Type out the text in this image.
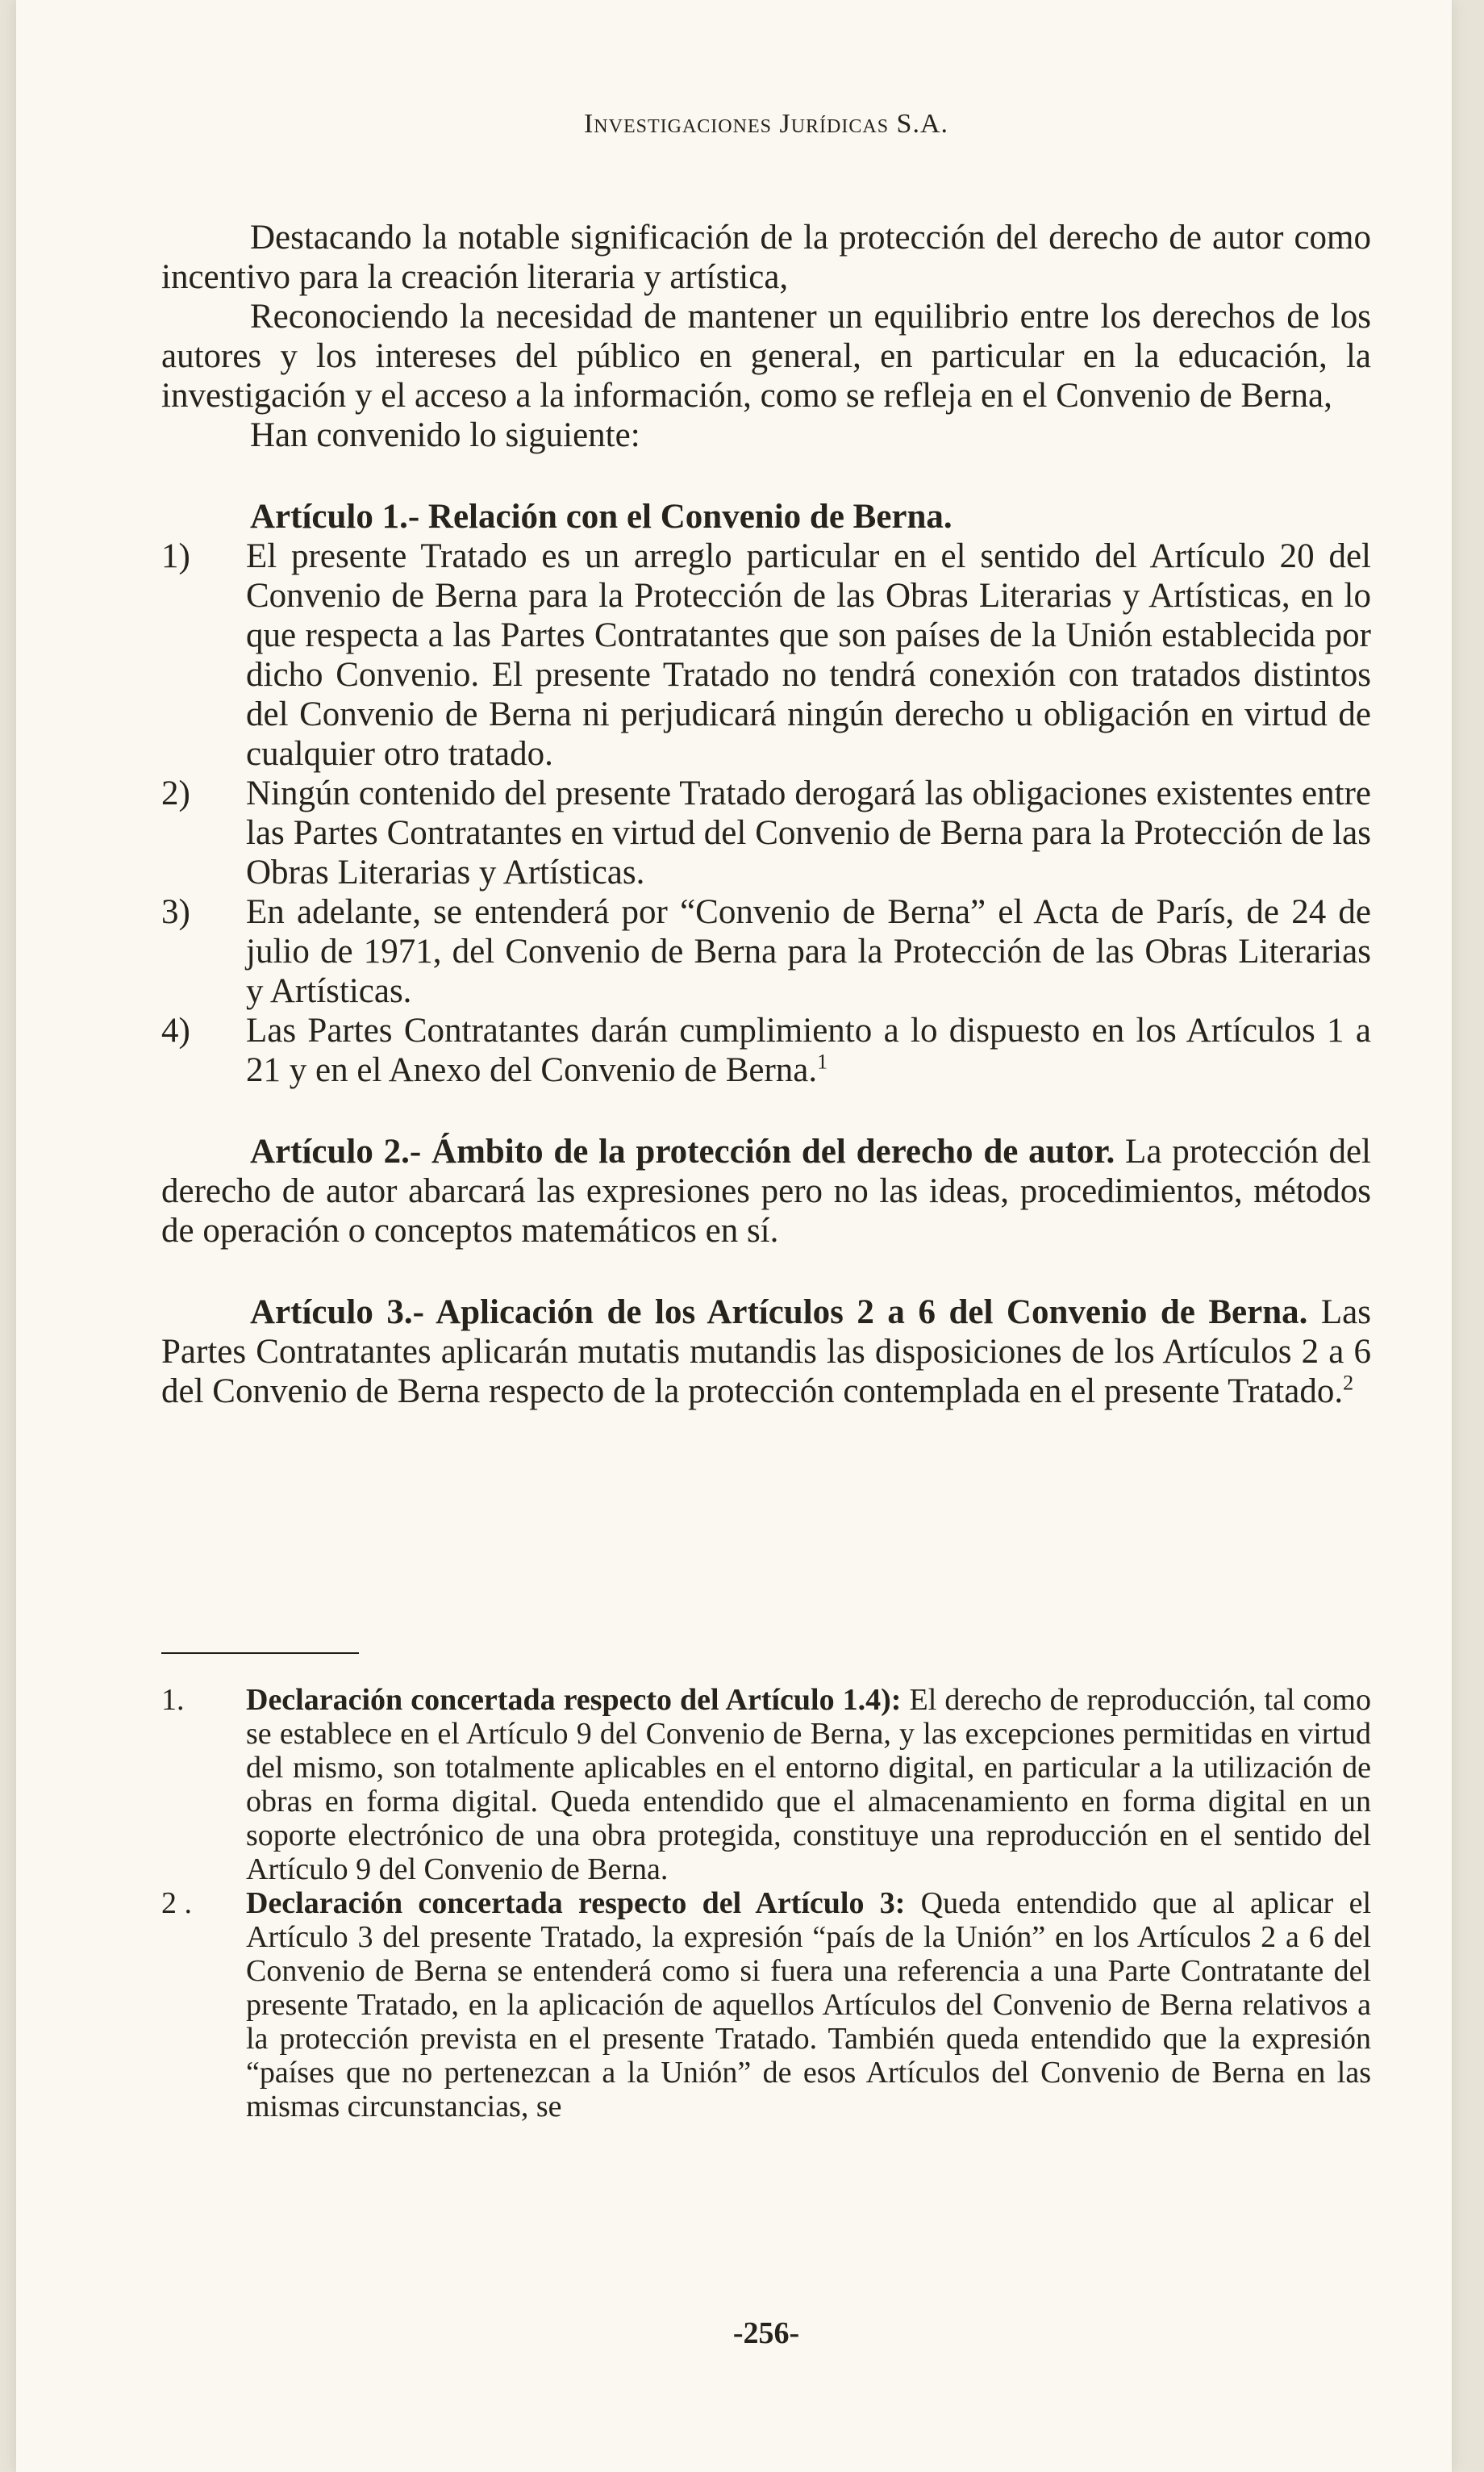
Investigaciones Jurídicas S.A.

Destacando la notable significación de la protección del derecho de autor como incentivo para la creación literaria y artística,

Reconociendo la necesidad de mantener un equilibrio entre los derechos de los autores y los intereses del público en general, en particular en la educación, la investigación y el acceso a la información, como se refleja en el Convenio de Berna,

Han convenido lo siguiente:

Artículo 1.- Relación con el Convenio de Berna.
1) El presente Tratado es un arreglo particular en el sentido del Artículo 20 del Convenio de Berna para la Protección de las Obras Literarias y Artísticas, en lo que respecta a las Partes Contratantes que son países de la Unión establecida por dicho Convenio. El presente Tratado no tendrá conexión con tratados distintos del Convenio de Berna ni perjudicará ningún derecho u obligación en virtud de cualquier otro tratado.
2) Ningún contenido del presente Tratado derogará las obligaciones existentes entre las Partes Contratantes en virtud del Convenio de Berna para la Protección de las Obras Literarias y Artísticas.
3) En adelante, se entenderá por “Convenio de Berna” el Acta de París, de 24 de julio de 1971, del Convenio de Berna para la Protección de las Obras Literarias y Artísticas.
4) Las Partes Contratantes darán cumplimiento a lo dispuesto en los Artículos 1 a 21 y en el Anexo del Convenio de Berna.$^1$

Artículo 2.- Ámbito de la protección del derecho de autor. La protección del derecho de autor abarcará las expresiones pero no las ideas, procedimientos, métodos de operación o conceptos matemáticos en sí.

Artículo 3.- Aplicación de los Artículos 2 a 6 del Convenio de Berna. Las Partes Contratantes aplicarán mutatis mutandis las disposiciones de los Artículos 2 a 6 del Convenio de Berna respecto de la protección contemplada en el presente Tratado.$^2$

1. Declaración concertada respecto del Artículo 1.4): El derecho de reproducción, tal como se establece en el Artículo 9 del Convenio de Berna, y las excepciones permitidas en virtud del mismo, son totalmente aplicables en el entorno digital, en particular a la utilización de obras en forma digital. Queda entendido que el almacenamiento en forma digital en un soporte electrónico de una obra protegida, constituye una reproducción en el sentido del Artículo 9 del Convenio de Berna.
2 . Declaración concertada respecto del Artículo 3: Queda entendido que al aplicar el Artículo 3 del presente Tratado, la expresión “país de la Unión” en los Artículos 2 a 6 del Convenio de Berna se entenderá como si fuera una referencia a una Parte Contratante del presente Tratado, en la aplicación de aquellos Artículos del Convenio de Berna relativos a la protección prevista en el presente Tratado. También queda entendido que la expresión “países que no pertenezcan a la Unión” de esos Artículos del Convenio de Berna en las mismas circunstancias, se
-256-
